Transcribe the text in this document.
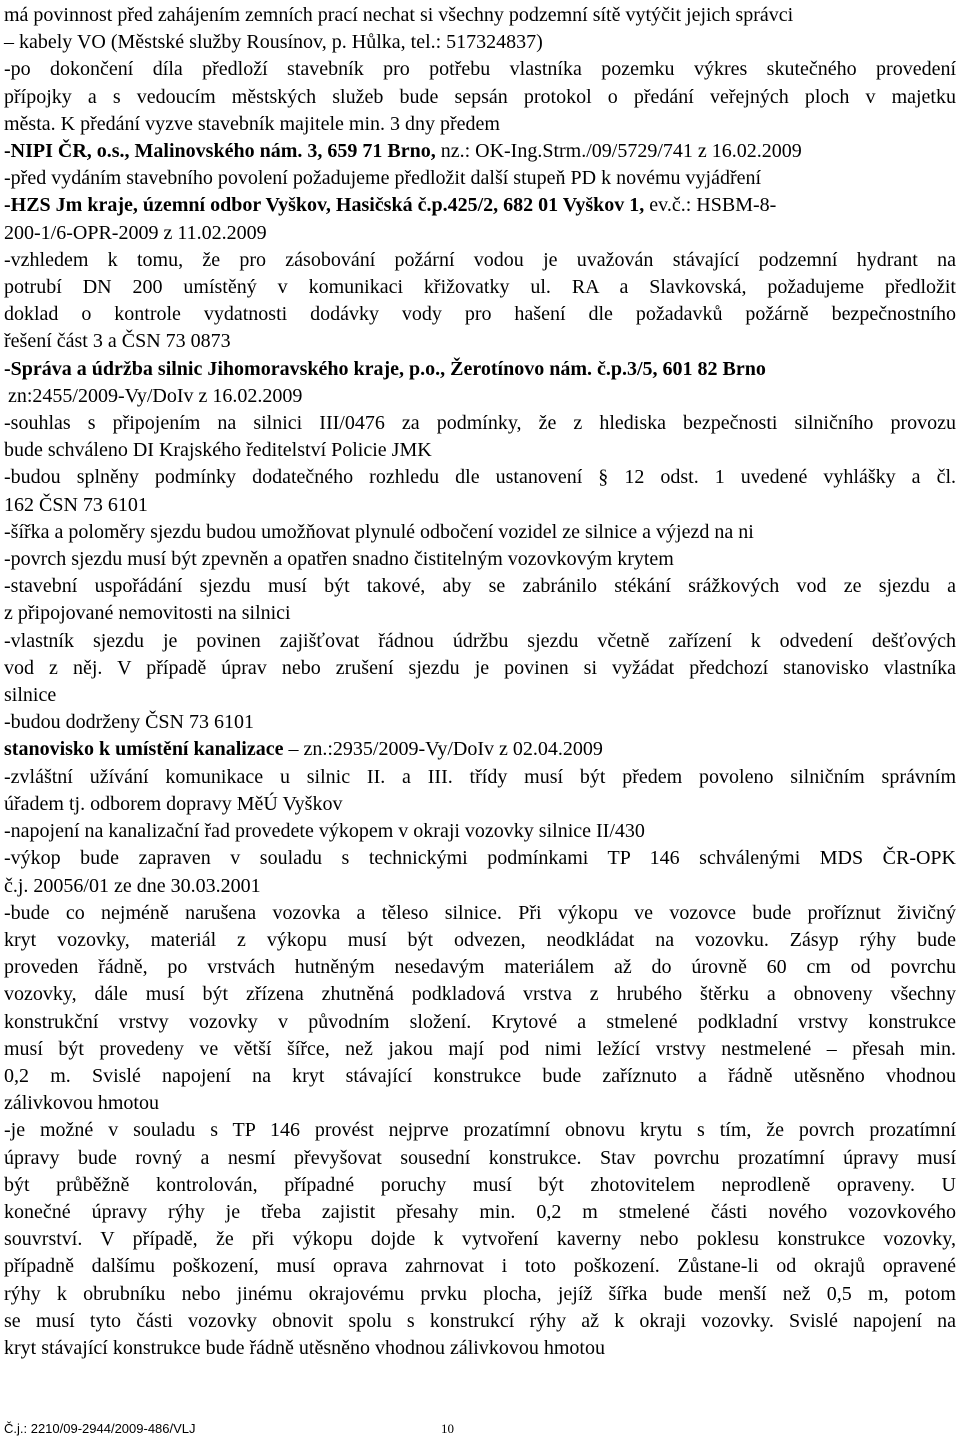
má povinnost před zahájením zemních prací nechat si všechny podzemní sítě vytýčit jejich správci

– kabely VO (Městské služby Rousínov, p. Hůlka, tel.: 517324837)

-po dokončení díla předloží stavebník pro potřebu vlastníka pozemku výkres skutečného provedení

přípojky a s vedoucím městských služeb bude sepsán protokol o předání veřejných ploch v majetku

města. K předání vyzve stavebník majitele min. 3 dny předem

-NIPI ČR, o.s., Malinovského nám. 3, 659 71 Brno, nz.: OK-Ing.Strm./09/5729/741 z 16.02.2009

-před vydáním stavebního povolení požadujeme předložit další stupeň PD k novému vyjádření

-HZS Jm kraje, územní odbor Vyškov, Hasičská č.p.425/2, 682 01 Vyškov 1, ev.č.: HSBM-8-

200-1/6-OPR-2009 z 11.02.2009

-vzhledem k tomu, že pro zásobování požární vodou je uvažován stávající podzemní hydrant na

potrubí DN 200 umístěný v komunikaci křižovatky ul. RA a Slavkovská, požadujeme předložit

doklad o kontrole vydatnosti dodávky vody pro hašení dle požadavků požárně bezpečnostního

řešení část 3 a ČSN 73 0873

-Správa a údržba silnic Jihomoravského kraje, p.o., Žerotínovo nám. č.p.3/5, 601 82 Brno

zn:2455/2009-Vy/DoIv z 16.02.2009

-souhlas s připojením na silnici III/0476 za podmínky, že z hlediska bezpečnosti silničního provozu

bude schváleno DI Krajského ředitelství Policie JMK

-budou splněny podmínky dodatečného rozhledu dle ustanovení § 12 odst. 1 uvedené vyhlášky a čl.

162 ČSN 73 6101

-šířka a poloměry sjezdu budou umožňovat plynulé odbočení vozidel ze silnice a výjezd na ni

-povrch sjezdu musí být zpevněn a opatřen snadno čistitelným vozovkovým krytem

-stavební uspořádání sjezdu musí být takové, aby se zabránilo stékání srážkových vod ze sjezdu a

z připojované nemovitosti na silnici

-vlastník sjezdu je povinen zajišťovat řádnou údržbu sjezdu včetně zařízení k odvedení dešťových

vod z něj. V případě úprav nebo zrušení sjezdu je povinen si vyžádat předchozí stanovisko vlastníka

silnice

-budou dodrženy ČSN 73 6101

stanovisko k umístění kanalizace – zn.:2935/2009-Vy/DoIv z 02.04.2009

-zvláštní užívání komunikace u silnic II. a III. třídy musí být předem povoleno silničním správním

úřadem tj. odborem dopravy MěÚ Vyškov

-napojení na kanalizační řad provedete výkopem v okraji vozovky silnice II/430

-výkop bude zapraven v souladu s technickými podmínkami TP 146 schválenými MDS ČR-OPK

č.j. 20056/01 ze dne 30.03.2001

-bude co nejméně narušena vozovka a těleso silnice. Při výkopu ve vozovce bude proříznut živičný

kryt vozovky, materiál z výkopu musí být odvezen, neodkládat na vozovku. Zásyp rýhy bude

proveden řádně, po vrstvách hutněným nesedavým materiálem až do úrovně 60 cm od povrchu

vozovky, dále musí být zřízena zhutněná podkladová vrstva z hrubého štěrku a obnoveny všechny

konstrukční vrstvy vozovky v původním složení. Krytové a stmelené podkladní vrstvy konstrukce

musí být provedeny ve větší šířce, než jakou mají pod nimi ležící vrstvy nestmelené – přesah min.

0,2 m. Svislé napojení na kryt stávající konstrukce bude zaříznuto a řádně utěsněno vhodnou

zálivkovou hmotou

-je možné v souladu s TP 146 provést nejprve prozatímní obnovu krytu s tím, že povrch prozatímní

úpravy bude rovný a nesmí převyšovat sousední konstrukce. Stav povrchu prozatímní úpravy musí

být průběžně kontrolován, případné poruchy musí být zhotovitelem neprodleně opraveny. U

konečné úpravy rýhy je třeba zajistit přesahy min. 0,2 m stmelené části nového vozovkového

souvrství. V případě, že při výkopu dojde k vytvoření kaverny nebo poklesu konstrukce vozovky,

případně dalšímu poškození, musí oprava zahrnovat i toto poškození. Zůstane-li od okrajů opravené

rýhy k obrubníku nebo jinému okrajovému prvku plocha, jejíž šířka bude menší než 0,5 m, potom

se musí tyto části vozovky obnovit spolu s konstrukcí rýhy až k okraji vozovky. Svislé napojení na

kryt stávající konstrukce bude řádně utěsněno vhodnou zálivkovou hmotou

Č.j.: 2210/09-2944/2009-486/VLJ	10
